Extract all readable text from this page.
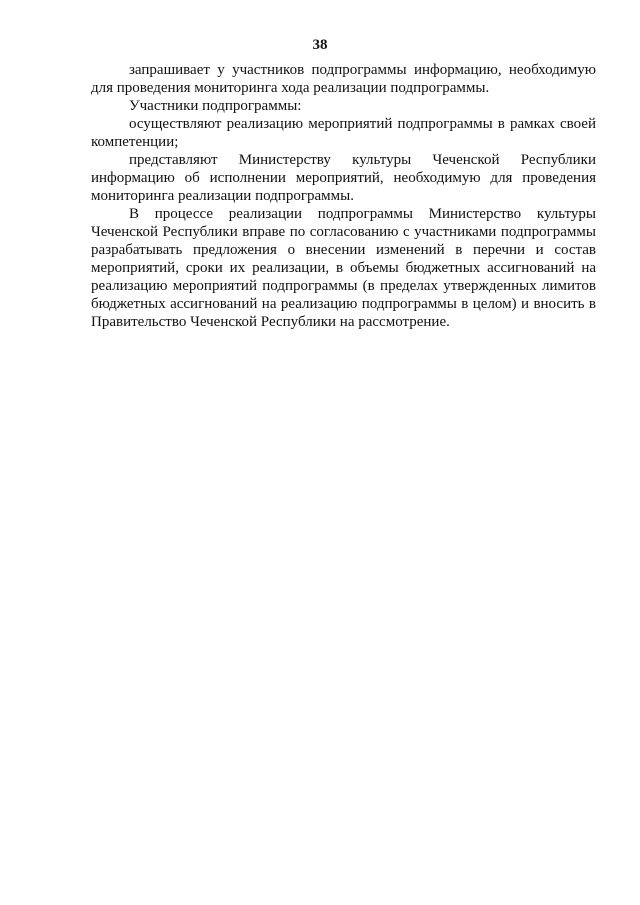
38

запрашивает у участников подпрограммы информацию, необходимую для проведения мониторинга хода реализации подпрограммы.

Участники подпрограммы:

осуществляют реализацию мероприятий подпрограммы в рамках своей компетенции;

представляют Министерству культуры Чеченской Республики информацию об исполнении мероприятий, необходимую для проведения мониторинга реализации подпрограммы.

В процессе реализации подпрограммы Министерство культуры Чеченской Республики вправе по согласованию с участниками подпрограммы разрабатывать предложения о внесении изменений в перечни и состав мероприятий, сроки их реализации, в объемы бюджетных ассигнований на реализацию мероприятий подпрограммы (в пределах утвержденных лимитов бюджетных ассигнований на реализацию подпрограммы в целом) и вносить в Правительство Чеченской Республики на рассмотрение.
